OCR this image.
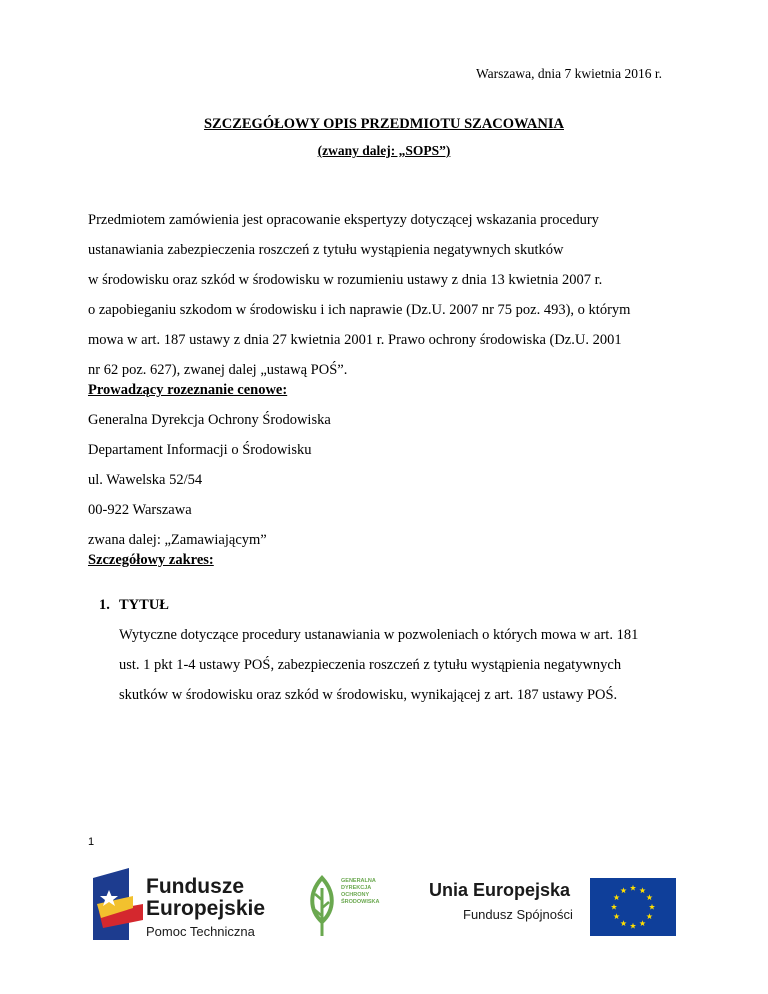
Warszawa, dnia 7 kwietnia 2016 r.
SZCZEGÓŁOWY OPIS PRZEDMIOTU SZACOWANIA
(zwany dalej: „SOPS”)
Przedmiotem zamówienia jest opracowanie ekspertyzy dotyczącej wskazania procedury
ustanawiania zabezpieczenia roszczeń z tytułu wystąpienia negatywnych skutków
w środowisku oraz szkód w środowisku w rozumieniu ustawy z dnia 13 kwietnia 2007 r.
o zapobieganiu szkodom w środowisku i ich naprawie (Dz.U. 2007 nr 75 poz. 493), o którym
mowa w art. 187 ustawy z dnia 27 kwietnia 2001 r. Prawo ochrony środowiska (Dz.U. 2001
nr 62 poz. 627), zwanej dalej „ustawą POŚ”.
Prowadzący rozeznanie cenowe:
Generalna Dyrekcja Ochrony Środowiska
Departament Informacji o Środowisku
ul. Wawelska 52/54
00-922 Warszawa
zwana dalej: „Zamawiającym”
Szczegółowy zakres:
1. TYTUŁ
Wytyczne dotyczące procedury ustanawiania w pozwoleniach o których mowa w art. 181
ust. 1 pkt 1-4 ustawy POŚ, zabezpieczenia roszczeń z tytułu wystąpienia negatywnych
skutków w środowisku oraz szkód w środowisku, wynikającej z art. 187 ustawy POŚ.
1
Fundusze
Europejskie
Pomoc Techniczna
GENERALNA
DYREKCJA
OCHRONY
ŚRODOWISKA
Unia Europejska
Fundusz Spójności
